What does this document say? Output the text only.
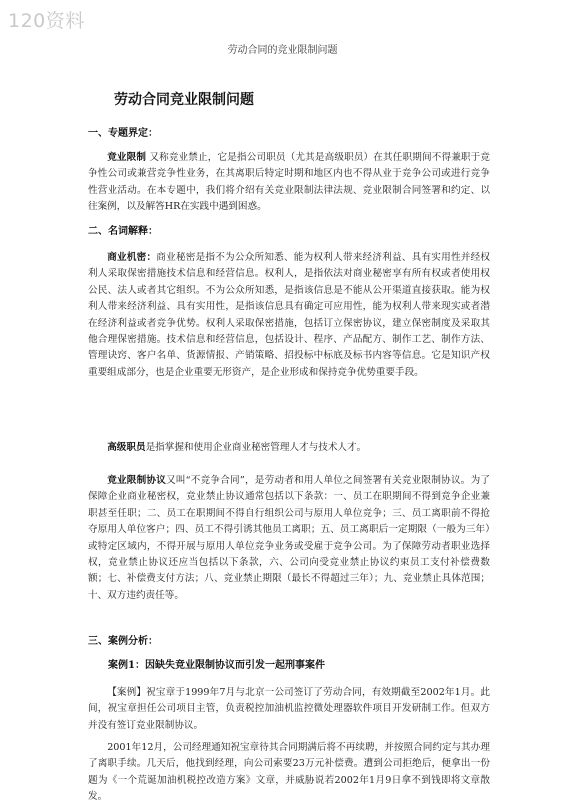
120资料
劳动合同的竞业限制问题
劳动合同竞业限制问题
一、专题界定：

竞业限制 又称竞业禁止，它是指公司职员（尤其是高级职员）在其任职期间不得兼职于竞争性公司或兼营竞争性业务，在其离职后特定时期和地区内也不得从业于竞争公司或进行竞争性营业活动。在本专题中，我们将介绍有关竞业限制法律法规、竞业限制合同签署和约定、以往案例，以及解答HR在实践中遇到困惑。

二、名词解释：

商业机密：商业秘密是指不为公众所知悉、能为权利人带来经济利益、具有实用性并经权利人采取保密措施技术信息和经营信息。权利人，是指依法对商业秘密享有所有权或者使用权公民、法人或者其它组织。不为公众所知悉，是指该信息是不能从公开渠道直接获取。能为权利人带来经济利益、具有实用性，是指该信息具有确定可应用性，能为权利人带来现实或者潜在经济利益或者竞争优势。权利人采取保密措施，包括订立保密协议，建立保密制度及采取其他合理保密措施。技术信息和经营信息，包括设计、程序、产品配方、制作工艺、制作方法、管理诀窍、客户名单、货源情报、产销策略、招投标中标底及标书内容等信息。它是知识产权重要组成部分，也是企业重要无形资产，是企业形成和保持竞争优势重要手段。

高级职员是指掌握和使用企业商业秘密管理人才与技术人才。

竞业限制协议又叫“不竞争合同”，是劳动者和用人单位之间签署有关竞业限制协议。为了保障企业商业秘密权，竞业禁止协议通常包括以下条款：一、员工在职期间不得到竞争企业兼职甚至任职；二、员工在职期间不得自行组织公司与原用人单位竞争；三、员工离职前不得抢夺原用人单位客户；四、员工不得引诱其他员工离职；五、员工离职后一定期限（一般为三年）或特定区域内，不得开展与原用人单位竞争业务或受雇于竞争公司。为了保障劳动者职业选择权，竞业禁止协议还应当包括以下条款，六、公司向受竞业禁止协议约束员工支付补偿费数额；七、补偿费支付方法；八、竞业禁止期限（最长不得超过三年）；九、竞业禁止具体范围；十、双方违约责任等。

三、案例分析：
案例1：因缺失竞业限制协议而引发一起刑事案件

【案例】祝宝章于1999年7月与北京一公司签订了劳动合同，有效期截至2002年1月。此间，祝宝章担任公司项目主管，负责税控加油机监控微处理器软件项目开发研制工作。但双方并没有签订竞业限制协议。

2001年12月，公司经理通知祝宝章待其合同期满后将不再续聘，并按照合同约定与其办理了离职手续。几天后，他找到经理，向公司索要23万元补偿费。遭到公司拒绝后，便拿出一份题为《一个荒诞加油机税控改造方案》文章，并威胁说若2002年1月9日拿不到钱即将文章散发。
